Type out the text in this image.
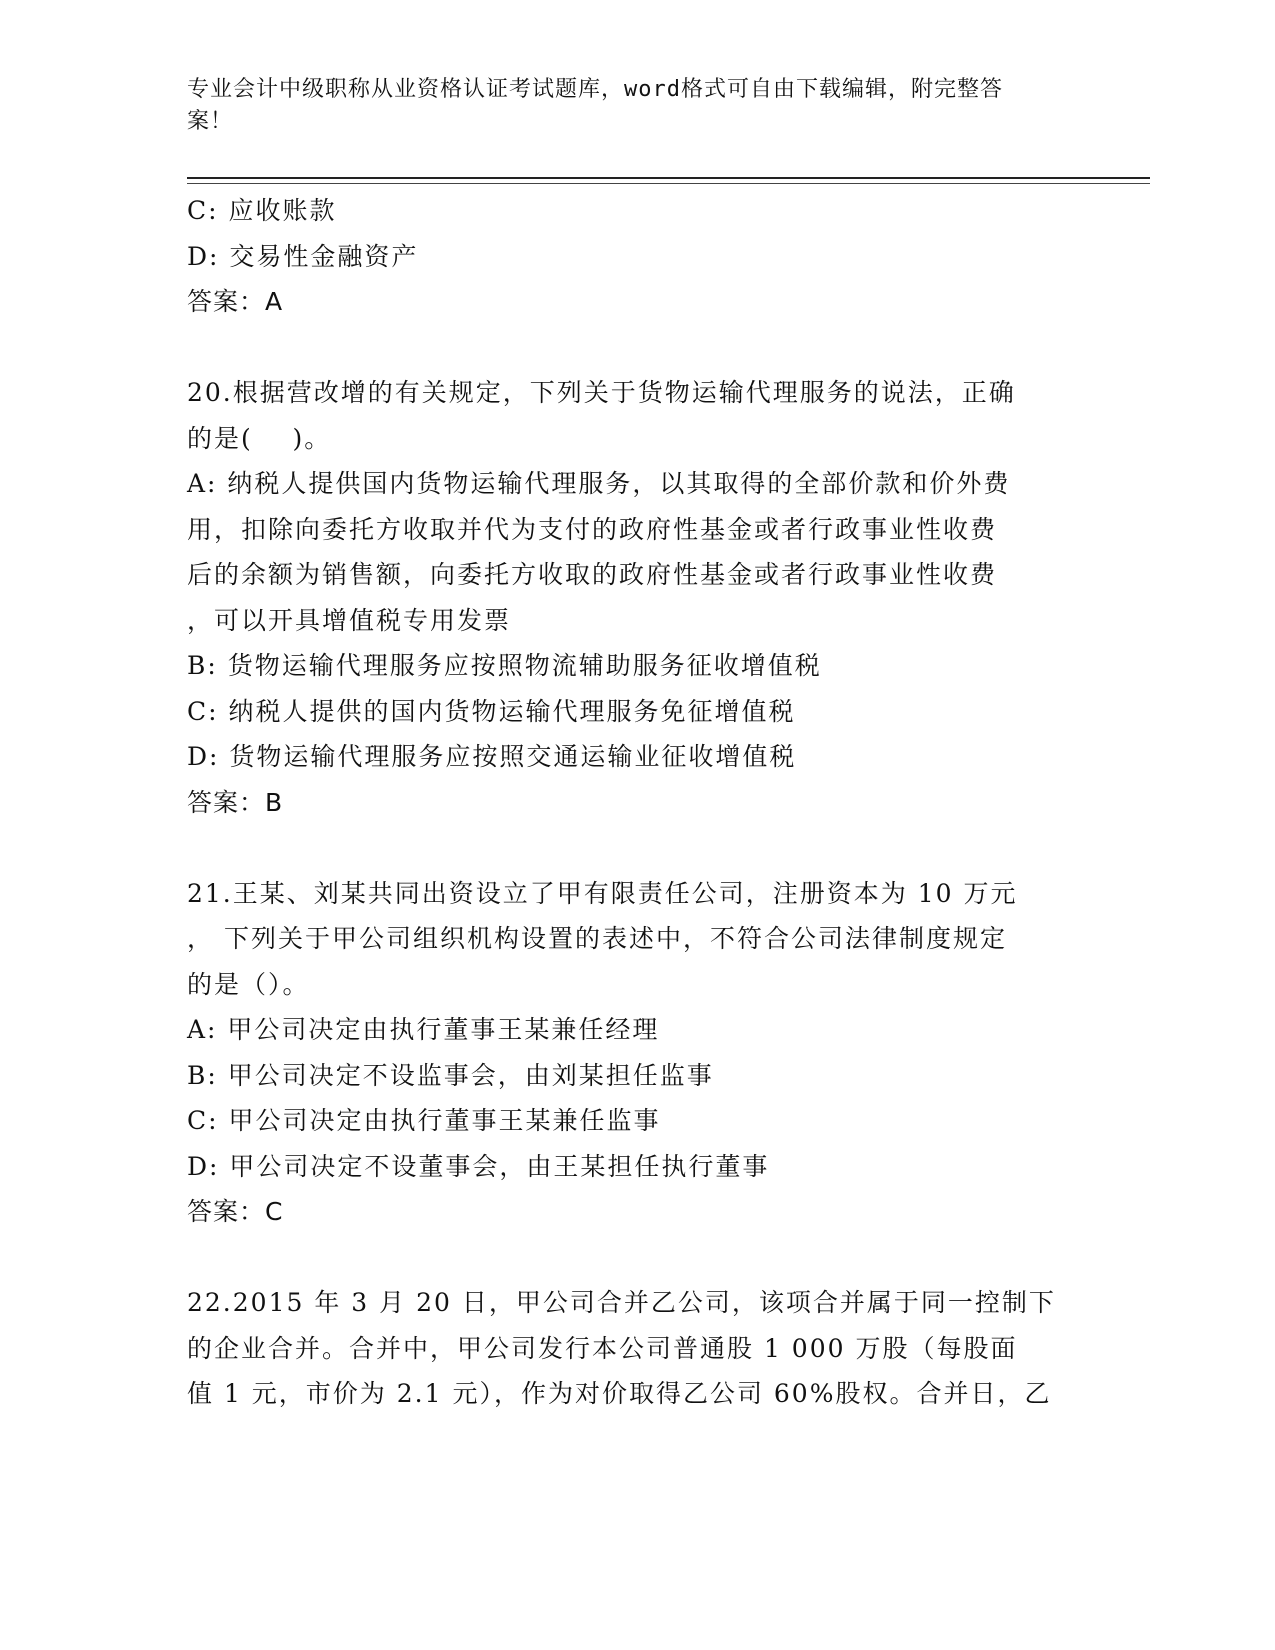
专业会计中级职称从业资格认证考试题库，word格式可自由下载编辑，附完整答
案！
C: 应收账款
D: 交易性金融资产
答案：A
20.根据营改增的有关规定，下列关于货物运输代理服务的说法，正确
的是(    )。
A: 纳税人提供国内货物运输代理服务，以其取得的全部价款和价外费
用，扣除向委托方收取并代为支付的政府性基金或者行政事业性收费
后的余额为销售额，向委托方收取的政府性基金或者行政事业性收费
，可以开具增值税专用发票
B: 货物运输代理服务应按照物流辅助服务征收增值税
C: 纳税人提供的国内货物运输代理服务免征增值税
D: 货物运输代理服务应按照交通运输业征收增值税
答案：B
21.王某、刘某共同出资设立了甲有限责任公司，注册资本为 10 万元
， 下列关于甲公司组织机构设置的表述中，不符合公司法律制度规定
的是（）。
A: 甲公司决定由执行董事王某兼任经理
B: 甲公司决定不设监事会，由刘某担任监事
C: 甲公司决定由执行董事王某兼任监事
D: 甲公司决定不设董事会，由王某担任执行董事
答案：C
22.2015 年 3 月 20 日，甲公司合并乙公司，该项合并属于同一控制下
的企业合并。合并中，甲公司发行本公司普通股 1 000 万股（每股面
值 1 元，市价为 2.1 元），作为对价取得乙公司 60%股权。合并日，乙
